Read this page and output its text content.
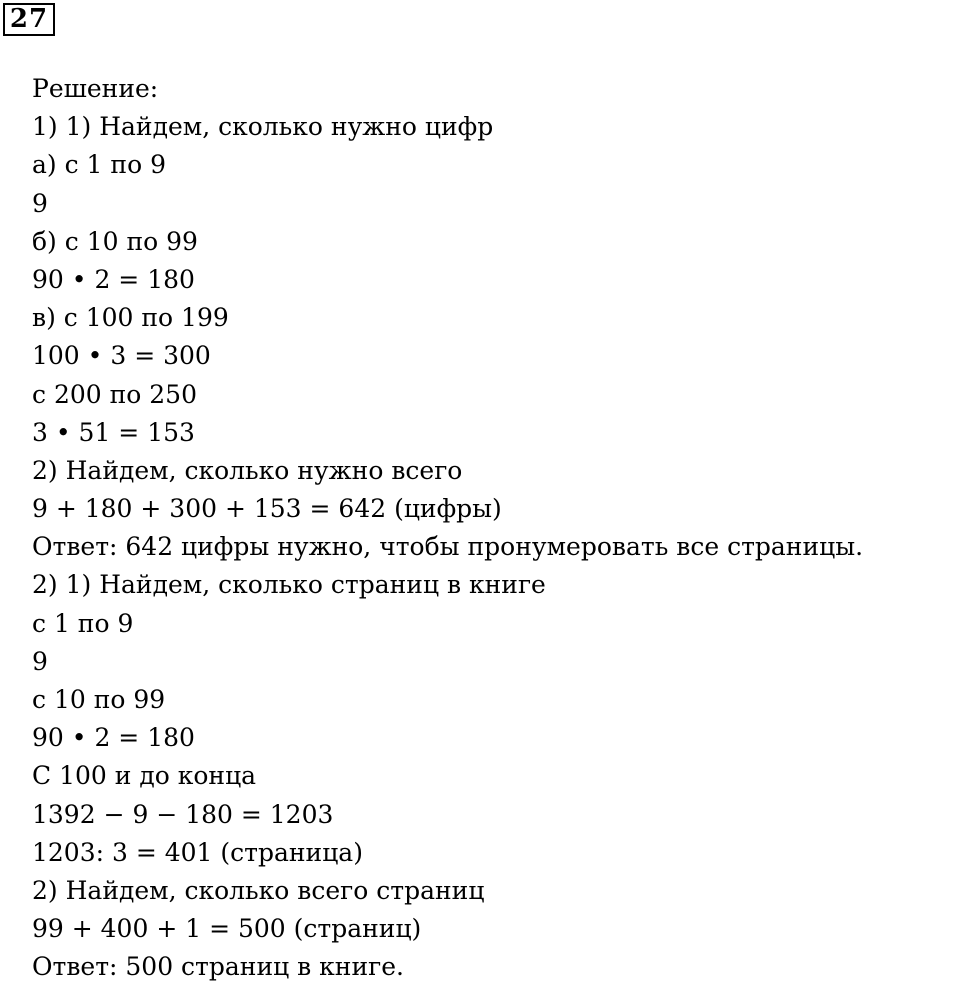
27
Решение:
1) 1) Найдем, сколько нужно цифр
а) с 1 по 9
9
б) с 10 по 99
90 • 2 = 180
в) с 100 по 199
100 • 3 = 300
с 200 по 250
3 • 51 = 153
2) Найдем, сколько нужно всего
9 + 180 + 300 + 153 = 642 (цифры)
Ответ: 642 цифры нужно, чтобы пронумеровать все страницы.
2) 1) Найдем, сколько страниц в книге
с 1 по 9
9
с 10 по 99
90 • 2 = 180
С 100 и до конца
1392 − 9 − 180 = 1203
1203: 3 = 401 (страница)
2) Найдем, сколько всего страниц
99 + 400 + 1 = 500 (страниц)
Ответ: 500 страниц в книге.
